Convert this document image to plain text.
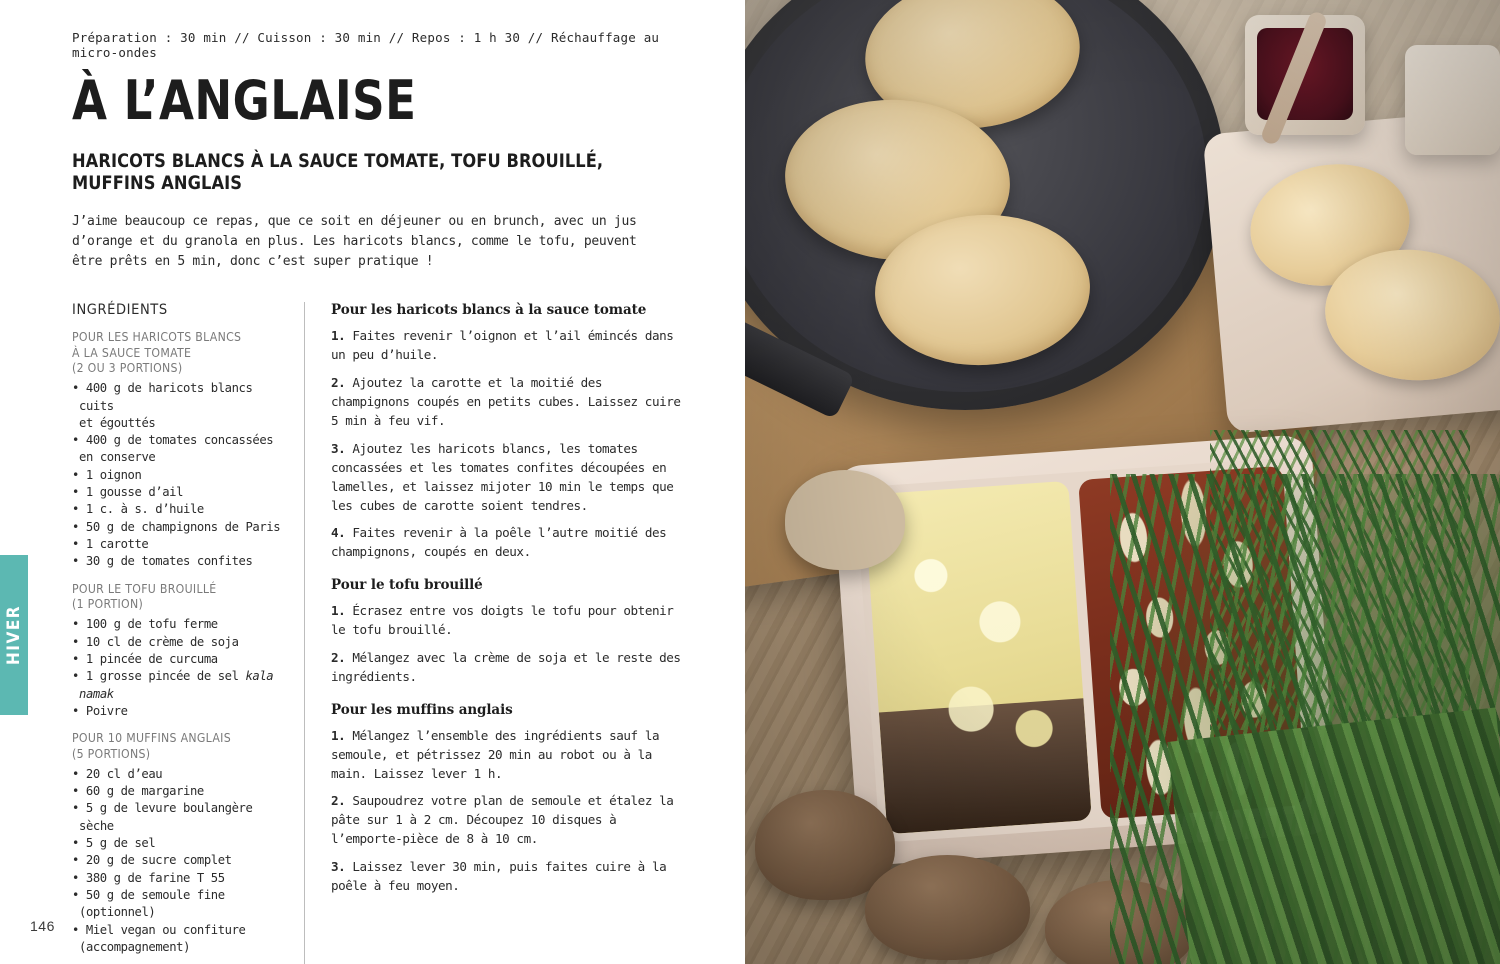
HIVER
146
Préparation : 30 min // Cuisson : 30 min // Repos : 1 h 30 // Réchauffage au micro-ondes
À L’ANGLAISE
HARICOTS BLANCS À LA SAUCE TOMATE, TOFU BROUILLÉ, MUFFINS ANGLAIS

J’aime beaucoup ce repas, que ce soit en déjeuner ou en brunch, avec un jus d’orange et du granola en plus. Les haricots blancs, comme le tofu, peuvent être prêts en 5 min, donc c’est super pratique !

INGRÉDIENTS
POUR LES HARICOTS BLANCS
À LA SAUCE TOMATE
(2 OU 3 PORTIONS)
• 400 g de haricots blancs cuits
et égouttés
• 400 g de tomates concassées
en conserve
• 1 oignon
• 1 gousse d’ail
• 1 c. à s. d’huile
• 50 g de champignons de Paris
• 1 carotte
• 30 g de tomates confites
POUR LE TOFU BROUILLÉ
(1 PORTION)
• 100 g de tofu ferme
• 10 cl de crème de soja
• 1 pincée de curcuma
• 1 grosse pincée de sel kala namak
• Poivre
POUR 10 MUFFINS ANGLAIS
(5 PORTIONS)
• 20 cl d’eau
• 60 g de margarine
• 5 g de levure boulangère sèche
• 5 g de sel
• 20 g de sucre complet
• 380 g de farine T 55
• 50 g de semoule fine (optionnel)
• Miel vegan ou confiture
(accompagnement)
Pour les haricots blancs à la sauce tomate

1. Faites revenir l’oignon et l’ail émincés dans un peu d’huile.

2. Ajoutez la carotte et la moitié des champignons coupés en petits cubes. Laissez cuire 5 min à feu vif.

3. Ajoutez les haricots blancs, les tomates concassées et les tomates confites découpées en lamelles, et laissez mijoter 10 min le temps que les cubes de carotte soient tendres.

4. Faites revenir à la poêle l’autre moitié des champignons, coupés en deux.

Pour le tofu brouillé

1. Écrasez entre vos doigts le tofu pour obtenir le tofu brouillé.

2. Mélangez avec la crème de soja et le reste des ingrédients.

Pour les muffins anglais

1. Mélangez l’ensemble des ingrédients sauf la semoule, et pétrissez 20 min au robot ou à la main. Laissez lever 1 h.

2. Saupoudrez votre plan de semoule et étalez la pâte sur 1 à 2 cm. Découpez 10 disques à l’emporte-pièce de 8 à 10 cm.

3. Laissez lever 30 min, puis faites cuire à la poêle à feu moyen.
